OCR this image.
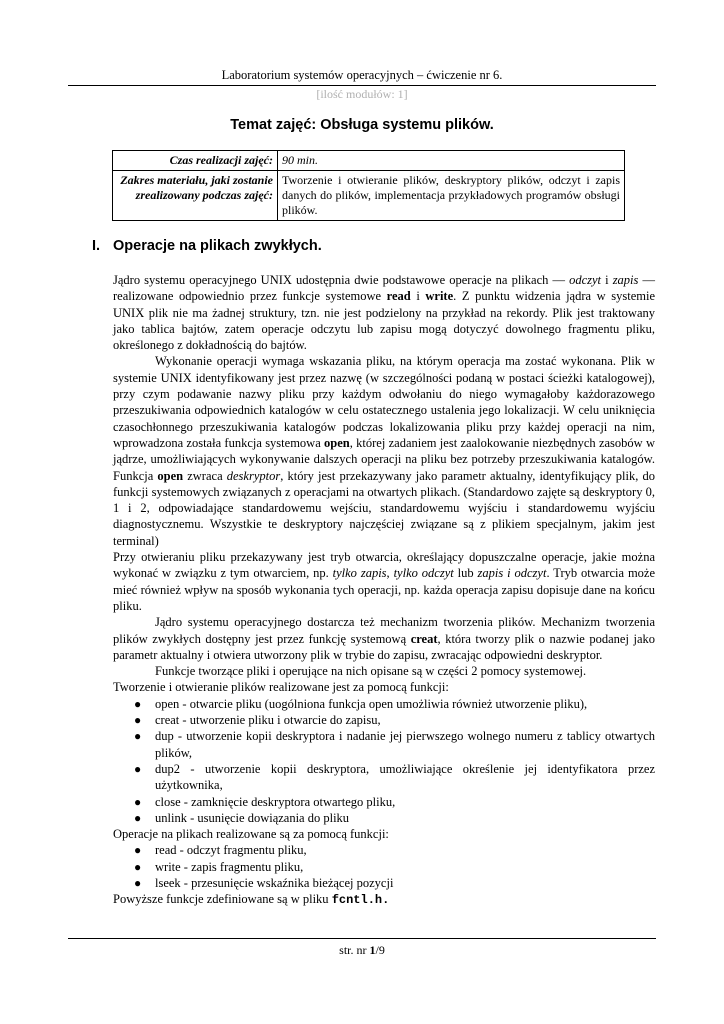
Laboratorium systemów operacyjnych – ćwiczenie nr 6.
[ilość modułów: 1]
Temat zajęć: Obsługa systemu plików.
Czas realizacji zajęć:	90 min.
Zakres materiału, jaki zostanie zrealizowany podczas zajęć:	Tworzenie i otwieranie plików, deskryptory plików, odczyt i zapis danych do plików, implementacja przykładowych programów obsługi plików.
I. Operacje na plikach zwykłych.

Jądro systemu operacyjnego UNIX udostępnia dwie podstawowe operacje na plikach — odczyt i zapis — realizowane odpowiednio przez funkcje systemowe read i write. Z punktu widzenia jądra w systemie UNIX plik nie ma żadnej struktury, tzn. nie jest podzielony na przykład na rekordy. Plik jest traktowany jako tablica bajtów, zatem operacje odczytu lub zapisu mogą dotyczyć dowolnego fragmentu pliku, określonego z dokładnością do bajtów.

Wykonanie operacji wymaga wskazania pliku, na którym operacja ma zostać wykonana. Plik w systemie UNIX identyfikowany jest przez nazwę (w szczególności podaną w postaci ścieżki katalogowej), przy czym podawanie nazwy pliku przy każdym odwołaniu do niego wymagałoby każdorazowego przeszukiwania odpowiednich katalogów w celu ostatecznego ustalenia jego lokalizacji. W celu uniknięcia czasochłonnego przeszukiwania katalogów podczas lokalizowania pliku przy każdej operacji na nim, wprowadzona została funkcja systemowa open, której zadaniem jest zaalokowanie niezbędnych zasobów w jądrze, umożliwiających wykonywanie dalszych operacji na pliku bez potrzeby przeszukiwania katalogów. Funkcja open zwraca deskryptor, który jest przekazywany jako parametr aktualny, identyfikujący plik, do funkcji systemowych związanych z operacjami na otwartych plikach. (Standardowo zajęte są deskryptory 0, 1 i 2, odpowiadające standardowemu wejściu, standardowemu wyjściu i standardowemu wyjściu diagnostycznemu. Wszystkie te deskryptory najczęściej związane są z plikiem specjalnym, jakim jest terminal)

Przy otwieraniu pliku przekazywany jest tryb otwarcia, określający dopuszczalne operacje, jakie można wykonać w związku z tym otwarciem, np. tylko zapis, tylko odczyt lub zapis i odczyt. Tryb otwarcia może mieć również wpływ na sposób wykonania tych operacji, np. każda operacja zapisu dopisuje dane na końcu pliku.

Jądro systemu operacyjnego dostarcza też mechanizm tworzenia plików. Mechanizm tworzenia plików zwykłych dostępny jest przez funkcję systemową creat, która tworzy plik o nazwie podanej jako parametr aktualny i otwiera utworzony plik w trybie do zapisu, zwracając odpowiedni deskryptor.

Funkcje tworzące pliki i operujące na nich opisane są w części 2 pomocy systemowej.

Tworzenie i otwieranie plików realizowane jest za pomocą funkcji:

● open - otwarcie pliku (uogólniona funkcja open umożliwia również utworzenie pliku),
● creat - utworzenie pliku i otwarcie do zapisu,
● dup - utworzenie kopii deskryptora i nadanie jej pierwszego wolnego numeru z tablicy otwartych plików,
● dup2 - utworzenie kopii deskryptora, umożliwiające określenie jej identyfikatora przez użytkownika,
● close - zamknięcie deskryptora otwartego pliku,
● unlink - usunięcie dowiązania do pliku

Operacje na plikach realizowane są za pomocą funkcji:

● read - odczyt fragmentu pliku,
● write - zapis fragmentu pliku,
● lseek - przesunięcie wskaźnika bieżącej pozycji

Powyższe funkcje zdefiniowane są w pliku fcntl.h.

str. nr 1/9
